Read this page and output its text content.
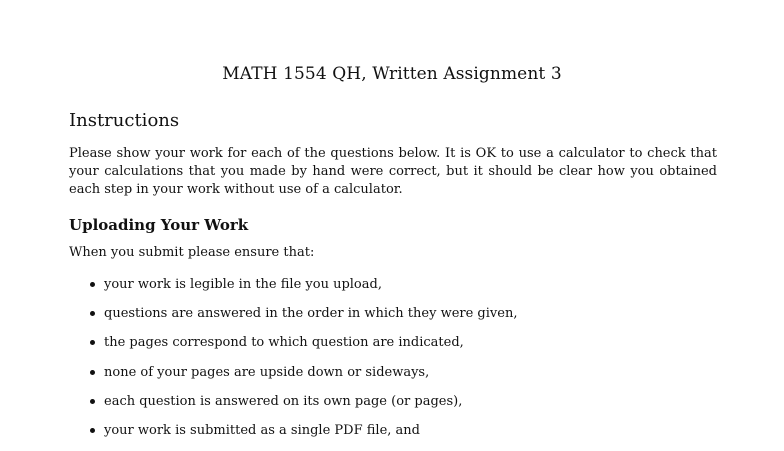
MATH 1554 QH, Written Assignment 3
Instructions
Please show your work for each of the questions below. It is OK to use a calculator to check that your calculations that you made by hand were correct, but it should be clear how you obtained each step in your work without use of a calculator.
Uploading Your Work
When you submit please ensure that:
your work is legible in the file you upload,
questions are answered in the order in which they were given,
the pages correspond to which question are indicated,
none of your pages are upside down or sideways,
each question is answered on its own page (or pages),
your work is submitted as a single PDF file, and
